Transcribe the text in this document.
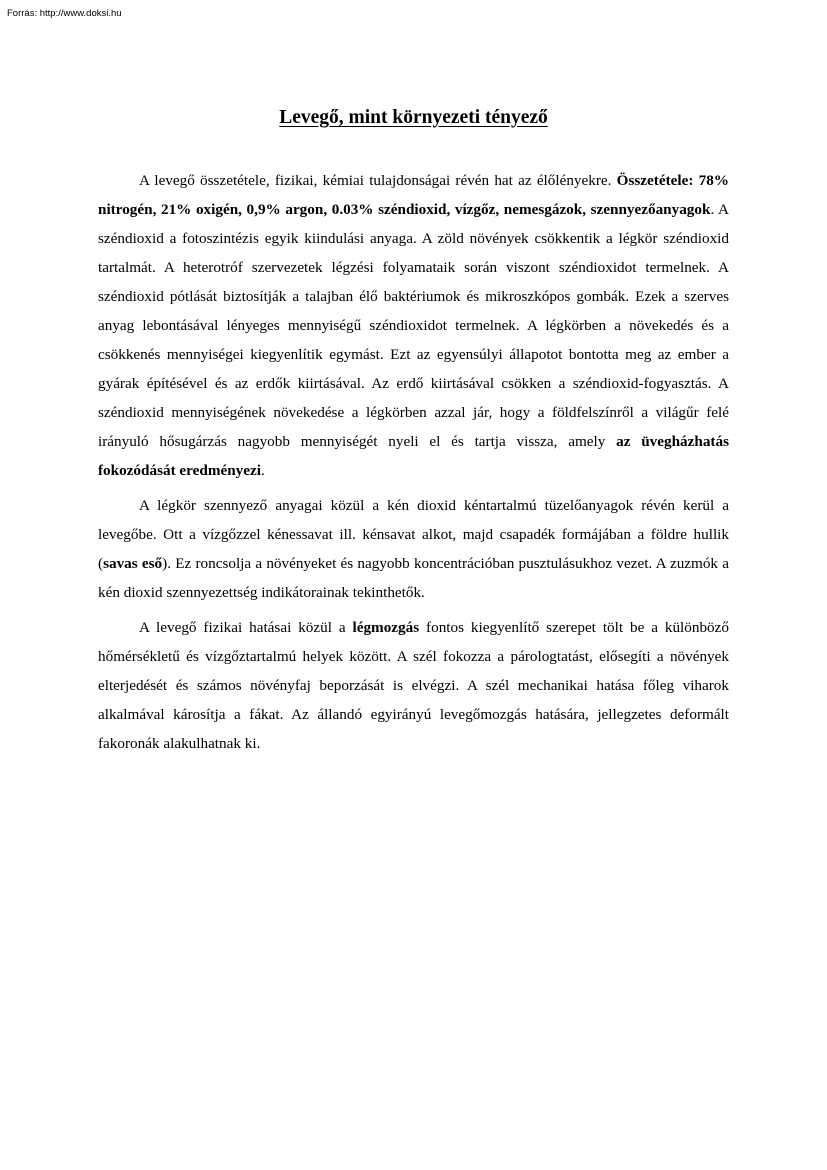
Forrás: http://www.doksi.hu
Levegő, mint környezeti tényező

A levegő összetétele, fizikai, kémiai tulajdonságai révén hat az élőlényekre. Összetétele: 78% nitrogén, 21% oxigén, 0,9% argon, 0.03% széndioxid, vízgőz, nemesgázok, szennyezőanyagok. A széndioxid a fotoszintézis egyik kiindulási anyaga. A zöld növények csökkentik a légkör széndioxid tartalmát. A heterotróf szervezetek légzési folyamataik során viszont széndioxidot termelnek. A széndioxid pótlását biztosítják a talajban élő baktériumok és mikroszkópos gombák. Ezek a szerves anyag lebontásával lényeges mennyiségű széndioxidot termelnek. A légkörben a növekedés és a csökkenés mennyiségei kiegyenlítik egymást. Ezt az egyensúlyi állapotot bontotta meg az ember a gyárak építésével és az erdők kiirtásával. Az erdő kiirtásával csökken a széndioxid-fogyasztás. A széndioxid mennyiségének növekedése a légkörben azzal jár, hogy a földfelszínről a világűr felé irányuló hősugárzás nagyobb mennyiségét nyeli el és tartja vissza, amely az üvegházhatás fokozódását eredményezi.

A légkör szennyező anyagai közül a kén dioxid kéntartalmú tüzelőanyagok révén kerül a levegőbe. Ott a vízgőzzel kénessavat ill. kénsavat alkot, majd csapadék formájában a földre hullik (savas eső). Ez roncsolja a növényeket és nagyobb koncentrációban pusztulásukhoz vezet. A zuzmók a kén dioxid szennyezettség indikátorainak tekinthetők.

A levegő fizikai hatásai közül a légmozgás fontos kiegyenlítő szerepet tölt be a különböző hőmérsékletű és vízgőztartalmú helyek között. A szél fokozza a párologtatást, elősegíti a növények elterjedését és számos növényfaj beporzását is elvégzi. A szél mechanikai hatása főleg viharok alkalmával károsítja a fákat. Az állandó egyirányú levegőmozgás hatására, jellegzetes deformált fakoronák alakulhatnak ki.
